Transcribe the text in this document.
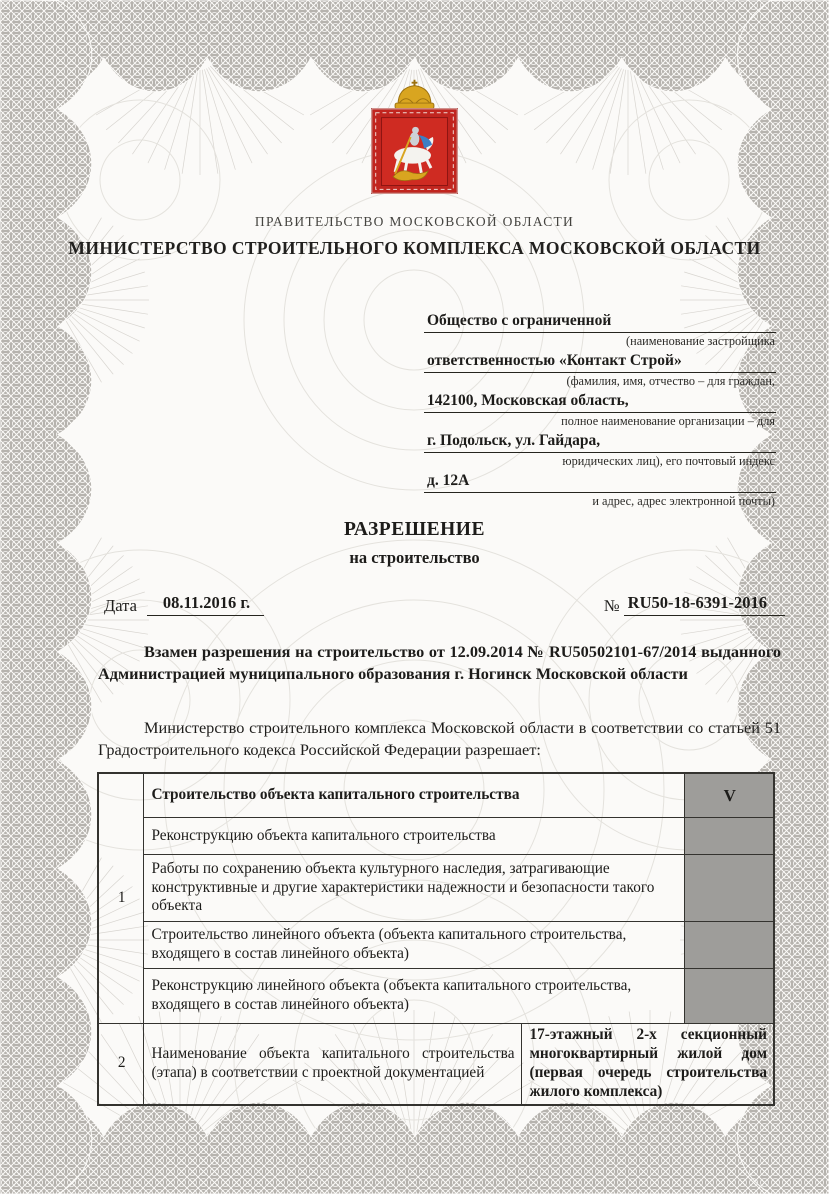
ПРАВИТЕЛЬСТВО МОСКОВСКОЙ ОБЛАСТИ
МИНИСТЕРСТВО СТРОИТЕЛЬНОГО КОМПЛЕКСА МОСКОВСКОЙ ОБЛАСТИ
Общество с ограниченной
(наименование застройщика
ответственностью «Контакт Строй»
(фамилия, имя, отчество – для граждан,
142100, Московская область,
полное наименование организации – для
г. Подольск, ул. Гайдара,
юридических лиц), его почтовый индекс
д. 12А
и адрес, адрес электронной почты)
РАЗРЕШЕНИЕ
на строительство
Дата	08.11.2016 г.	№ RU50-18-6391-2016
Взамен разрешения на строительство от 12.09.2014 № RU50502101-67/2014 выданного Администрацией муниципального образования г. Ногинск Московской области
Министерство строительного комплекса Московской области в соответствии со статьей 51 Градостроительного кодекса Российской Федерации разрешает:
1	Строительство объекта капитального строительства		V
	Реконструкцию объекта капитального строительства		
	Работы по сохранению объекта культурного наследия, затрагивающие конструктивные и другие характеристики надежности и безопасности такого объекта		
	Строительство линейного объекта (объекта капитального строительства, входящего в состав линейного объекта)		
	Реконструкцию линейного объекта (объекта капитального строительства, входящего в состав линейного объекта)		
2	Наименование объекта капитального строительства (этапа) в соответствии с проектной документацией	17-этажный 2-х секционный многоквартирный жилой дом (первая очередь строительства жилого комплекса)	
